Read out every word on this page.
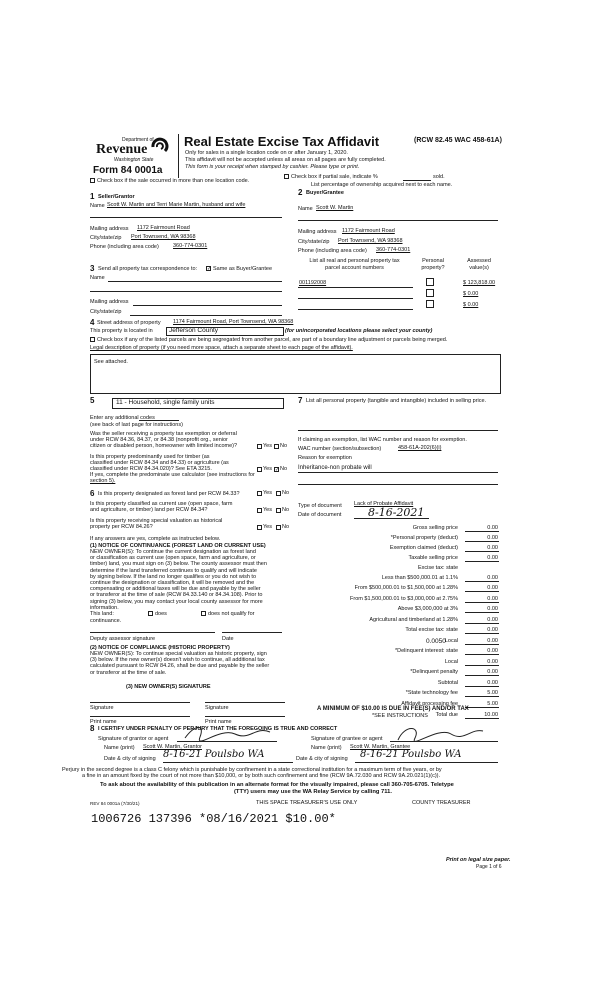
Department of
Revenue
Washington State
Form 84 0001a
Real Estate Excise Tax Affidavit	(RCW 82.45 WAC 458-61A)
Only for sales in a single location code on or after January 1, 2020.
This affidavit will not be accepted unless all areas on all pages are fully completed.
This form is your receipt when stamped by cashier. Please type or print.
Check box if the sale occurred in more than one location code.
Check box if partial sale, indicate %	sold.
List percentage of ownership acquired next to each name.
1 Seller/Grantor
Name Scott W. Martin and Terri Marie Martin, husband and wife
Mailing address 1172 Fairmount Road
City/state/zip Port Townsend, WA 98368
Phone (including area code)	360-774-0301
2 Buyer/Grantee
Name Scott W. Martin
Mailing address 1172 Fairmount Road
City/state/zip Port Townsend, WA 98368
Phone (including area code) 360-774-0301
3 Send all property tax correspondence to: ✓ Same as Buyer/Grantee
Name
Mailing address
City/state/zip
List all real and personal property tax parcel account numbers
Personal property?
Assessed value(s)
001192008	$ 123,818.00
$ 0.00
$ 0.00
4 Street address of property 1174 Fairmount Road, Port Townsend, WA 98368
This property is located in	Jefferson County	(for unincorporated locations please select your county)
Check box if any of the listed parcels are being segregated from another parcel, are part of a boundary line adjustment or parcels being merged.
Legal description of property (if you need more space, attach a separate sheet to each page of the affidavit).
See attached.
5	11 - Household, single family units
Enter any additional codes
(see back of last page for instructions)
Was the seller receiving a property tax exemption or deferral
under RCW 84.36, 84.37, or 84.38 (nonprofit org., senior
citizen or disabled person, homeowner with limited income)?	Yes No
Is this property predominantly used for timber (as
classified under RCW 84.34 and 84.33) or agriculture (as
classified under RCW 84.34.020)? See ETA 3215.	Yes ✓ No
If yes, complete the predominate use calculator (see instructions for
section 5).
6 Is this property designated as forest land per RCW 84.33?	Yes No
Is this property classified as current use (open space, farm
and agriculture, or timber) land per RCW 84.34?	Yes No
Is this property receiving special valuation as historical
property per RCW 84.26?	Yes No
If any answers are yes, complete as instructed below.
(1) NOTICE OF CONTINUANCE (FOREST LAND OR CURRENT USE)
NEW OWNER(S): To continue the current designation as forest land
or classification as current use (open space, farm and agriculture, or
timber) land, you must sign on (3) below. The county assessor must then
determine if the land transferred continues to qualify and will indicate
by signing below. If the land no longer qualifies or you do not wish to
continue the designation or classification, it will be removed and the
compensating or additional taxes will be due and payable by the seller
or transferor at the time of sale (RCW 84.33.140 or 84.34.108). Prior to
signing (3) below, you may contact your local county assessor for more
information.
This land:	does	does not qualify for
continuance.
Deputy assessor signature	Date
(2) NOTICE OF COMPLIANCE (HISTORIC PROPERTY)
NEW OWNER(S): To continue special valuation as historic property, sign
(3) below. If the new owner(s) doesn't wish to continue, all additional tax
calculated pursuant to RCW 84.26, shall be due and payable by the seller
or transferor at the time of sale.
(3) NEW OWNER(S) SIGNATURE
Signature	Signature
Print name	Print name
7 List all personal property (tangible and intangible) included in selling price.
If claiming an exemption, list WAC number and reason for exemption.
WAC number (section/subsection)	458-61A-202(6)(i)
Reason for exemption
Inheritance-non probate will
Type of document Lack of Probate Affidavit
Date of document 8-16-2021
Gross selling price	0.00
*Personal property (deduct)	0.00
Exemption claimed (deduct)	0.00
Taxable selling price	0.00
Excise tax: state
Less than $500,000.01 at 1.1%	0.00
From $500,000.01 to $1,500,000 at 1.28%	0.00
From $1,500,000.01 to $3,000,000 at 2.75%	0.00
Above $3,000,000 at 3%	0.00
Agricultural and timberland at 1.28%	0.00
Total excise tax: state	0.00
Local	0.00
*Delinquent interest: state	0.00
Local	0.00
*Delinquent penalty	0.00
Subtotal	0.00
*State technology fee	5.00
Affidavit processing fee	5.00
Total due	10.00
0.0050
A MINIMUM OF $10.00 IS DUE IN FEE(S) AND/OR TAX
*SEE INSTRUCTIONS
8 I CERTIFY UNDER PENALTY OF PERJURY THAT THE FOREGOING IS TRUE AND CORRECT
Signature of grantor or agent	Signature of grantee or agent
Name (print) Scott W. Martin, Grantor	Name (print) Scott W. Martin, Grantee
Date & city of signing 8-16-21 Poulsbo WA	Date & city of signing 8-16-21 Poulsbo WA
Perjury in the second degree is a class C felony which is punishable by confinement in a state correctional institution for a maximum term of five years, or by
a fine in an amount fixed by the court of not more than $10,000, or by both such confinement and fine (RCW 9A.72.030 and RCW 9A.20.021(1)(c)).
To ask about the availability of this publication in an alternate format for the visually impaired, please call 360-705-6705. Teletype
(TTY) users may use the WA Relay Service by calling 711.
REV 84 0001a (7/30/21)	THIS SPACE TREASURER'S USE ONLY	COUNTY TREASURER
1006726 137396 *08/16/2021 $10.00*
Print on legal size paper.
Page 1 of 6
